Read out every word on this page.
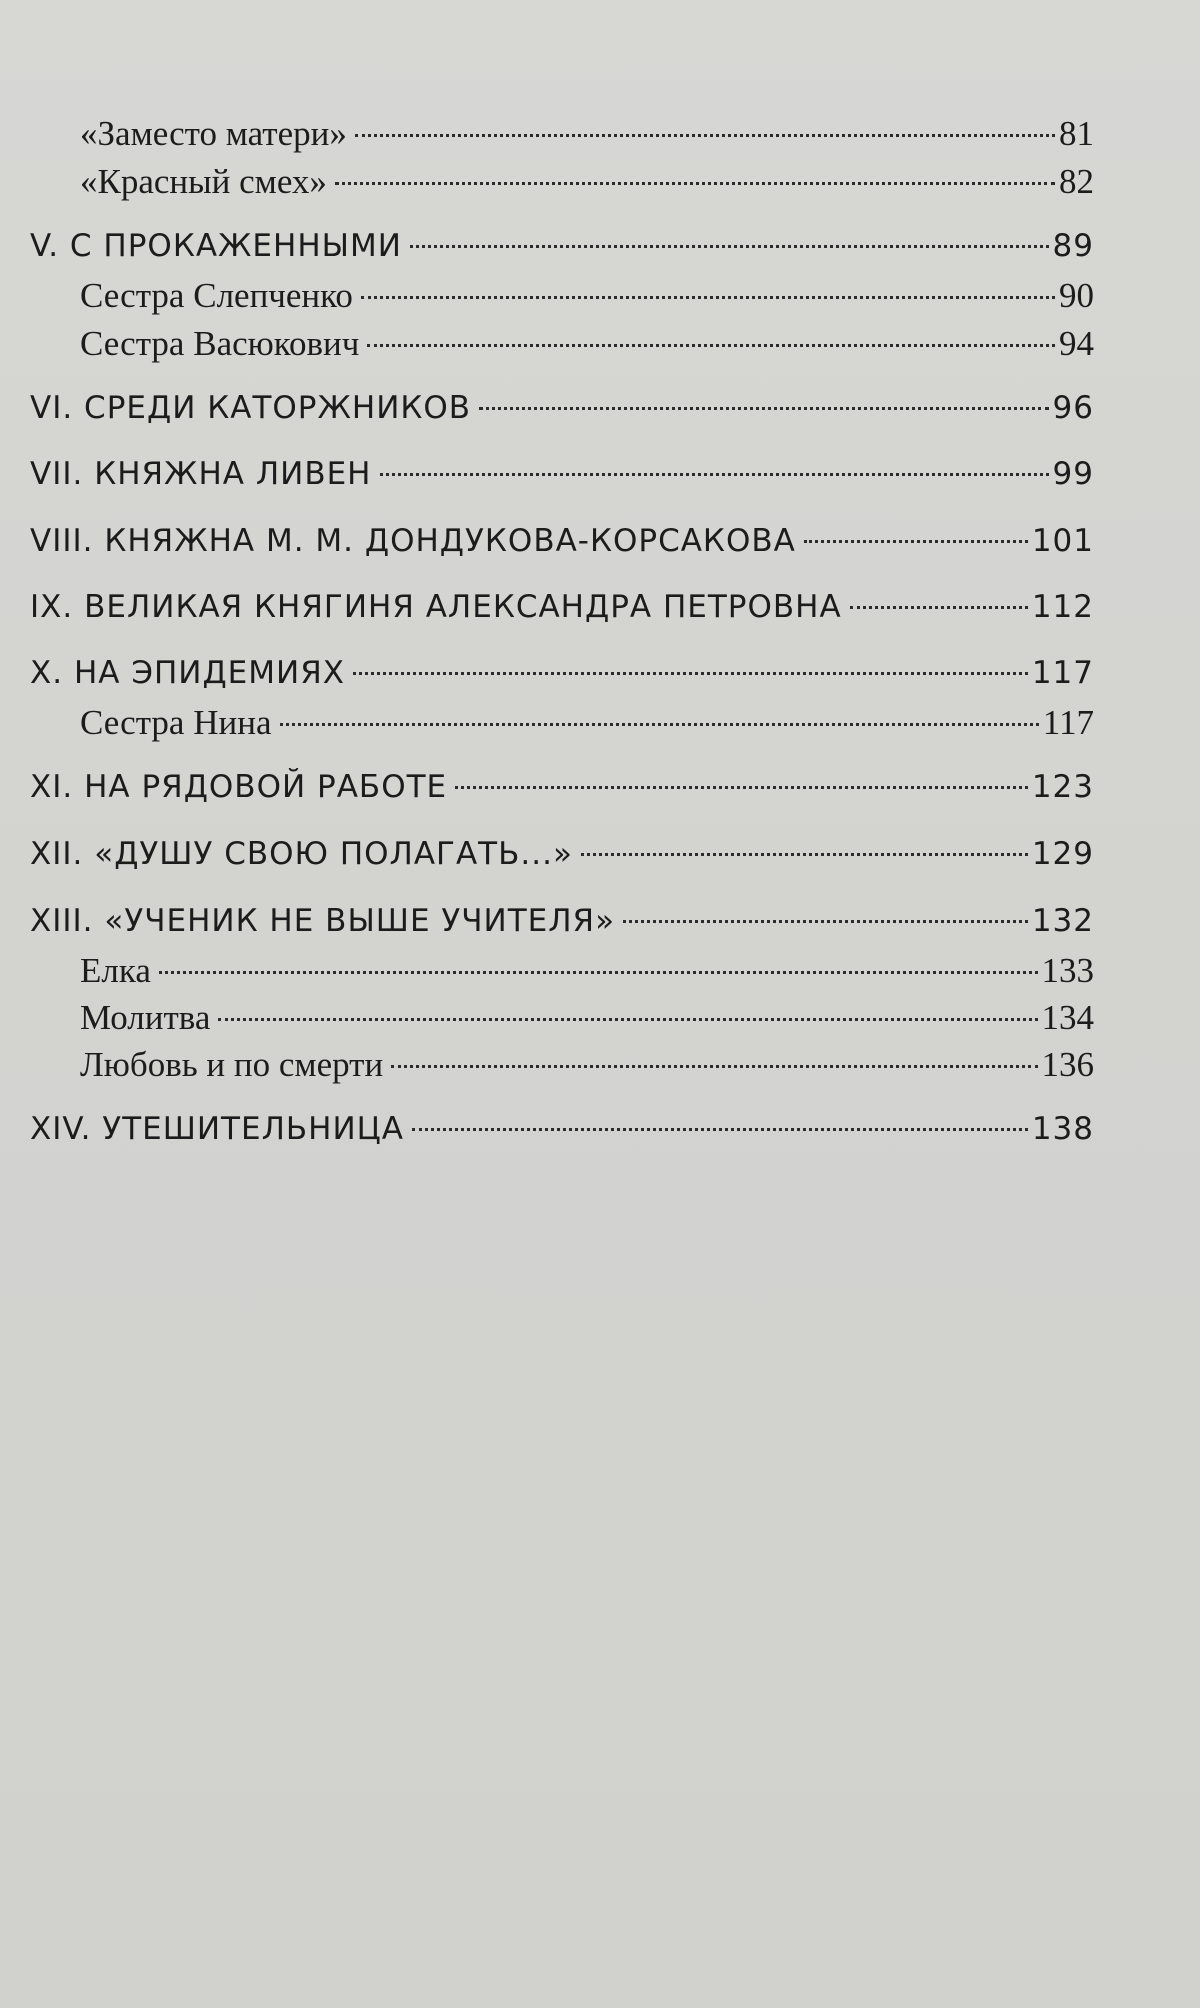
«Заместо матери»	81
«Красный смех»	82
V. С ПРОКАЖЕННЫМИ	89
Сестра Слепченко	90
Сестра Васюкович	94
VI. СРЕДИ КАТОРЖНИКОВ	96
VII. КНЯЖНА ЛИВЕН	99
VIII. КНЯЖНА М. М. ДОНДУКОВА-КОРСАКОВА	101
IX. ВЕЛИКАЯ КНЯГИНЯ АЛЕКСАНДРА ПЕТРОВНА	112
X. НА ЭПИДЕМИЯХ	117
Сестра Нина	117
XI. НА РЯДОВОЙ РАБОТЕ	123
XII. «ДУШУ СВОЮ ПОЛАГАТЬ...»	129
XIII. «УЧЕНИК НЕ ВЫШЕ УЧИТЕЛЯ»	132
Елка	133
Молитва	134
Любовь и по смерти	136
XIV. УТЕШИТЕЛЬНИЦА	138
